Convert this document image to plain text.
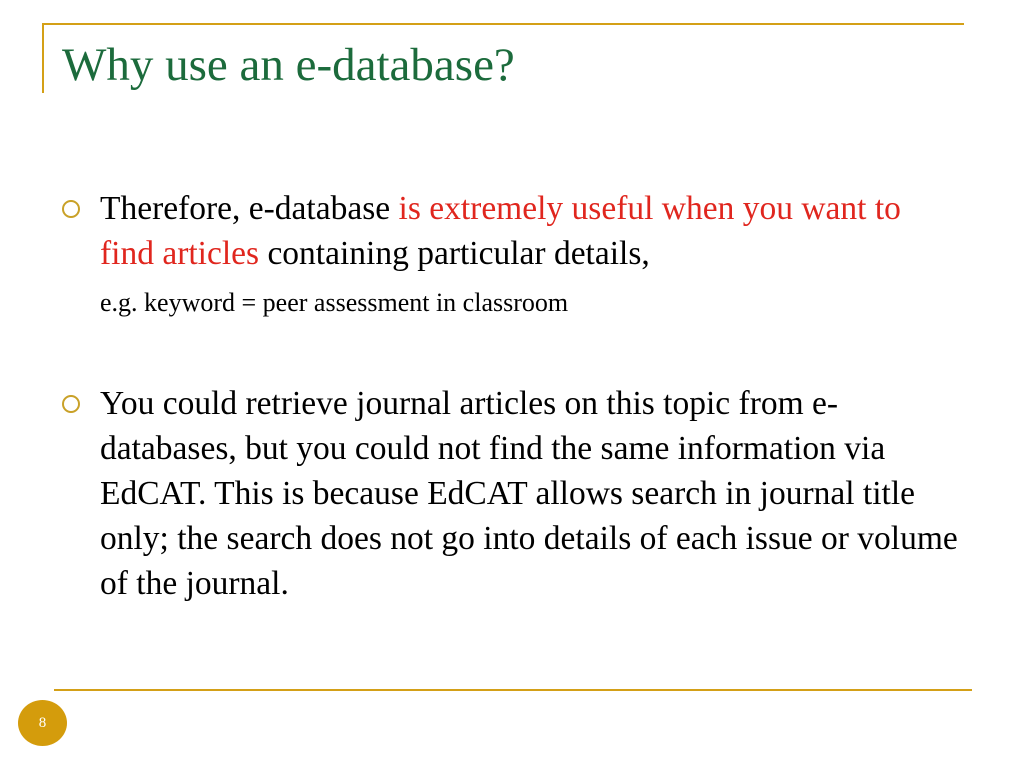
Why use an e-database?
Therefore, e-database is extremely useful when you want to find articles containing particular details,
e.g. keyword = peer assessment in classroom
You could retrieve journal articles on this topic from e-databases, but you could not find the same information via EdCAT. This is because EdCAT allows search in journal title only; the search does not go into details of each issue or volume of the journal.
8
